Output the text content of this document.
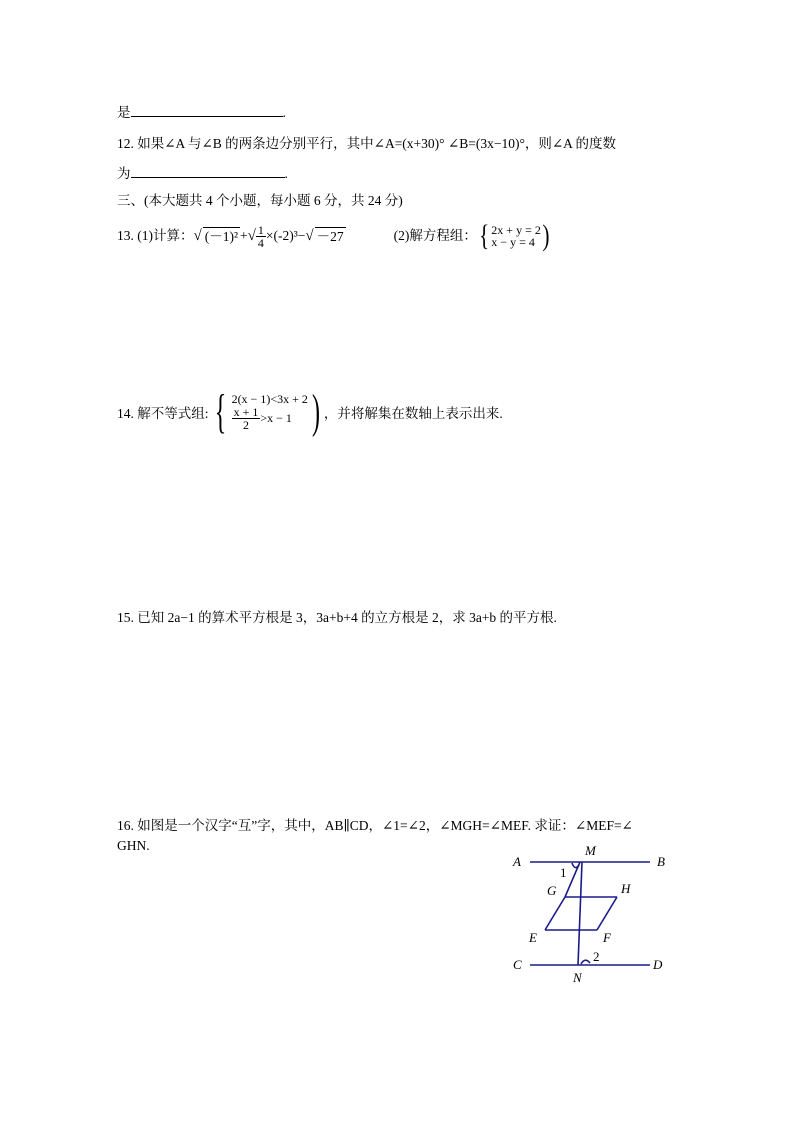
是	.
12. 如果∠A 与∠B 的两条边分别平行，其中∠A=(x+30)° ∠B=(3x−10)°，则∠A 的度数
为	.
三、(本大题共 4 个小题，每小题 6 分，共 24 分)
13. (1)计算： √ (－1)² + √ $\frac{1}{4} \times(-2)^3-$ √ －27	(2)解方程组： { 2x + y = 2
x − y = 4 )
14. 解不等式组: { 2(x − 1)<3x + 2
$\frac{x + 1}{2} >x - 1$ ) ，并将解集在数轴上表示出来.
15. 已知 2a−1 的算术平方根是 3，3a+b+4 的立方根是 2，求 3a+b 的平方根.
16. 如图是一个汉字“互”字，其中，AB∥CD，∠1=∠2，∠MGH=∠MEF. 求证：∠MEF=∠
GHN.
A	B
M
1
G	H
E	F
2
C	D
N
